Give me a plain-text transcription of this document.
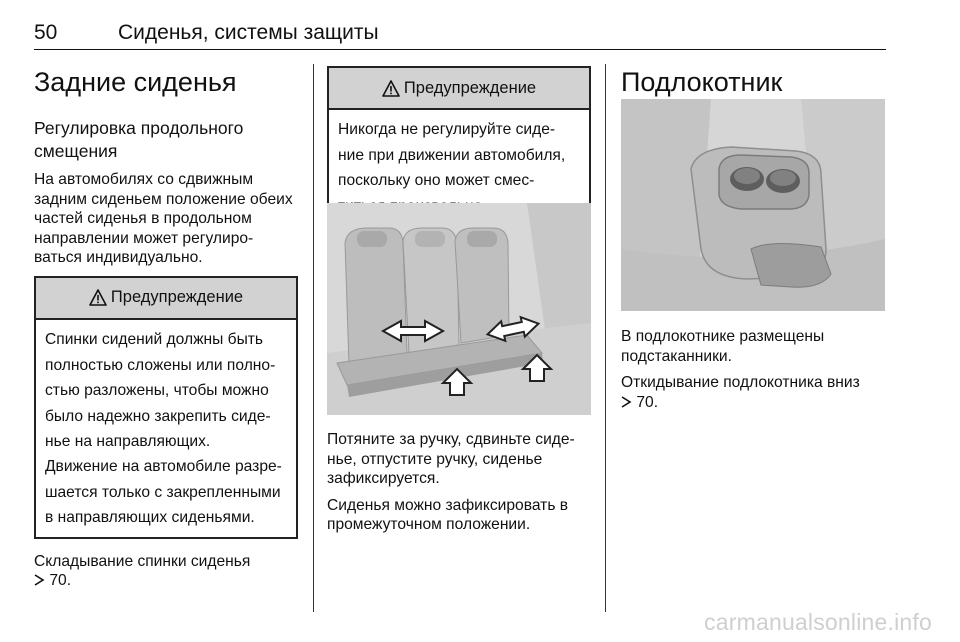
50	Сиденья, системы защиты
Задние сиденья
Регулировка продольного
смещения
На автомобилях со сдвижным
задним сиденьем положение обеих
частей сиденья в продольном
направлении может регулиро-
ваться индивидуально.
Предупреждение
Спинки сидений должны быть
полностью сложены или полно-
стью разложены, чтобы можно
было надежно закрепить сиде-
нье на направляющих.
Движение на автомобиле разре-
шается только с закрепленными
в направляющих сиденьями.
Складывание спинки сиденья
70.
Предупреждение
Никогда не регулируйте сиде-
ние при движении автомобиля,
поскольку оно может смес-
Потяните за ручку, сдвиньте сиде-
нье, отпустите ручку, сиденье
зафиксируется.
Сиденья можно зафиксировать в
промежуточном положении.
Подлокотник
В подлокотнике размещены
подстаканники.
Откидывание подлокотника вниз
70.
carmanualsonline.info
